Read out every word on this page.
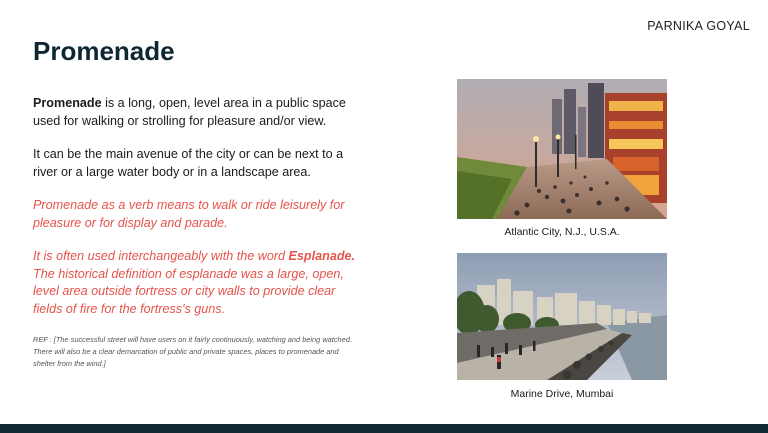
PARNIKA GOYAL
Promenade

Promenade is a long, open, level area in a public space used for walking or strolling for pleasure and/or view.

It can be the main avenue of the city or can be next to a river or a large water body or in a landscape area.

Promenade as a verb means to walk or ride leisurely for pleasure or for display and parade.

It is often used interchangeably with the word Esplanade. The historical definition of esplanade was a large, open, level area outside fortress or city walls to provide clear fields of fire for the fortress's guns.

REF : [The successful street will have users on it fairly continuously, watching and being watched. There will also be a clear demarcation of public and private spaces, places to promenade and shelter from the wind.]

Atlantic City, N.J., U.S.A.
Marine Drive, Mumbai
